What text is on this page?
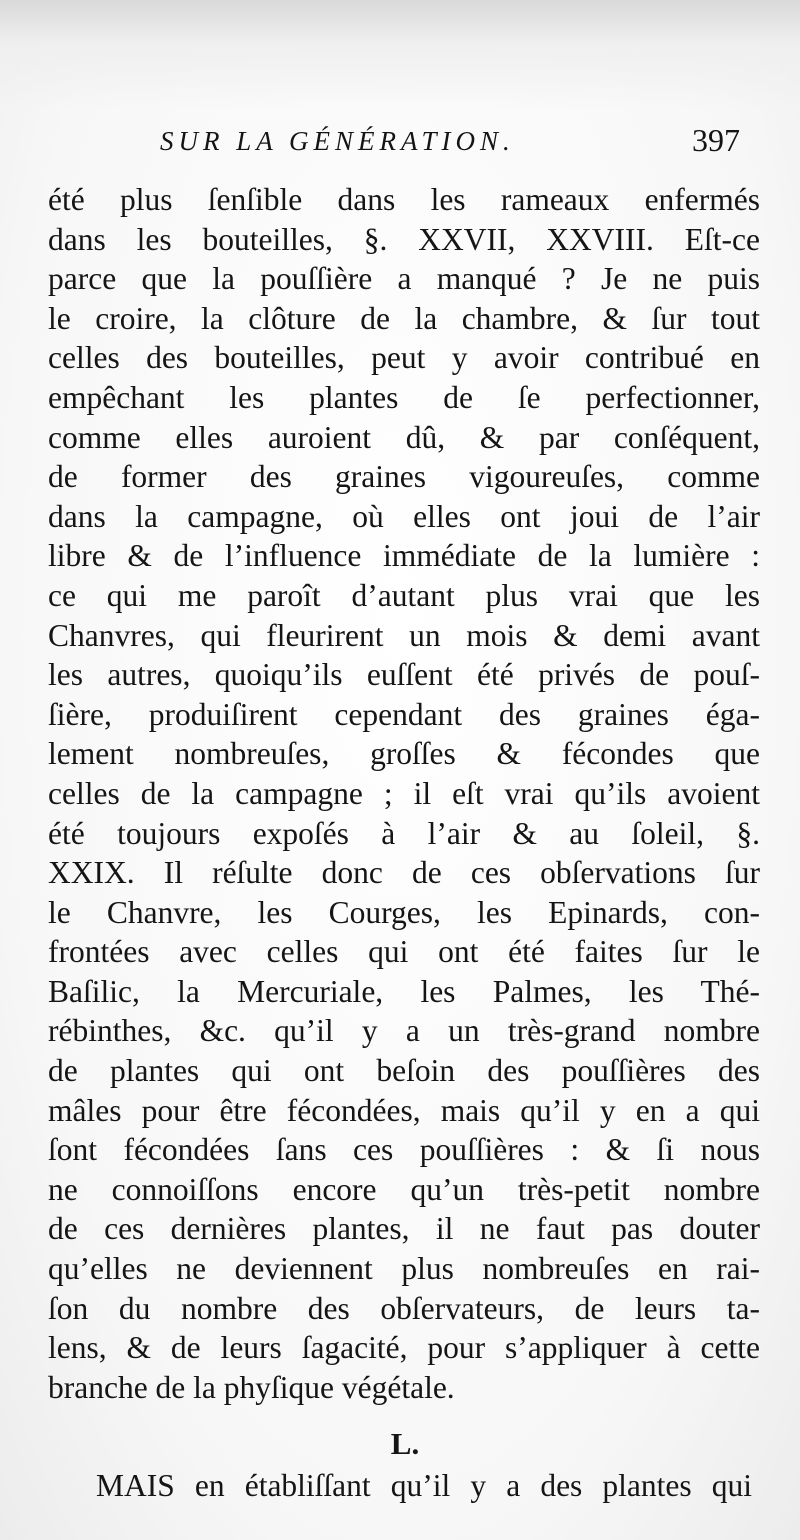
SUR LA GÉNÉRATION.	397
été plus ſenſible dans les rameaux enfermés
dans les bouteilles, §. XXVII, XXVIII. Eſt-ce
parce que la pouſſière a manqué ? Je ne puis
le croire, la clôture de la chambre, & ſur tout
celles des bouteilles, peut y avoir contribué en
empêchant les plantes de ſe perfectionner,
comme elles auroient dû, & par conſéquent,
de former des graines vigoureuſes, comme
dans la campagne, où elles ont joui de l’air
libre & de l’influence immédiate de la lumière :
ce qui me paroît d’autant plus vrai que les
Chanvres, qui fleurirent un mois & demi avant
les autres, quoiqu’ils euſſent été privés de pouſ-
ſière, produiſirent cependant des graines éga-
lement nombreuſes, groſſes & fécondes que
celles de la campagne ; il eſt vrai qu’ils avoient
été toujours expoſés à l’air & au ſoleil, §.
XXIX. Il réſulte donc de ces obſervations ſur
le Chanvre, les Courges, les Epinards, con-
frontées avec celles qui ont été faites ſur le
Baſilic, la Mercuriale, les Palmes, les Thé-
rébinthes, &c. qu’il y a un très-grand nombre
de plantes qui ont beſoin des pouſſières des
mâles pour être fécondées, mais qu’il y en a qui
ſont fécondées ſans ces pouſſières : & ſi nous
ne connoiſſons encore qu’un très-petit nombre
de ces dernières plantes, il ne faut pas douter
qu’elles ne deviennent plus nombreuſes en rai-
ſon du nombre des obſervateurs, de leurs ta-
lens, & de leurs ſagacité, pour s’appliquer à cette
branche de la phyſique végétale.
L.
MAIS en établiſſant qu’il y a des plantes qui
